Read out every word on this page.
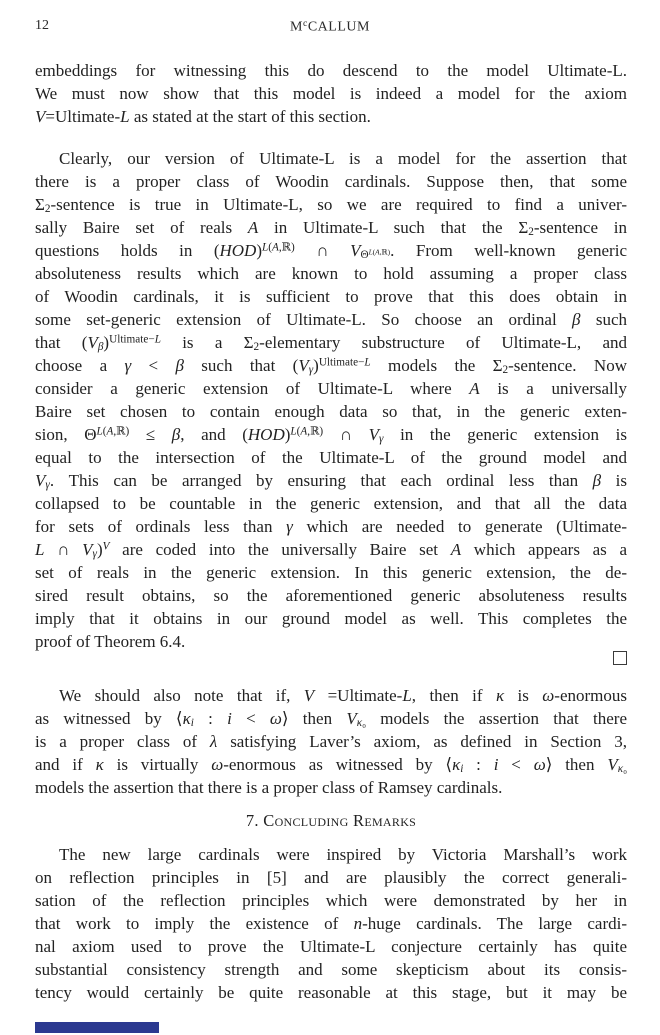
12	$M^cCALLUM$
embeddings for witnessing this do descend to the model Ultimate-L.
We must now show that this model is indeed a model for the axiom
V=Ultimate-L as stated at the start of this section.
Clearly, our version of Ultimate-L is a model for the assertion that
there is a proper class of Woodin cardinals. Suppose then, that some
$\Sigma_2$-sentence is true in Ultimate-L, so we are required to find a univer-
sally Baire set of reals A in Ultimate-L such that the $\Sigma_2$-sentence in
questions holds in (HOD)$^{L(A,ℝ)}$ ∩ $V_{\Theta^{L(A,ℝ)}}$. From well-known generic
absoluteness results which are known to hold assuming a proper class
of Woodin cardinals, it is sufficient to prove that this does obtain in
some set-generic extension of Ultimate-L. So choose an ordinal β such
that $(V_\beta)^{Ultimate-L}$ is a $\Sigma_2$-elementary substructure of Ultimate-L, and
choose a γ < β such that $(V_\gamma)^{Ultimate-L}$ models the $\Sigma_2$-sentence. Now
consider a generic extension of Ultimate-L where A is a universally
Baire set chosen to contain enough data so that, in the generic exten-
sion, $\Theta^{L(A,ℝ)} \le \beta$, and (HOD)$^{L(A,ℝ)}$ ∩ $V_\gamma$ in the generic extension is
equal to the intersection of the Ultimate-L of the ground model and
$V_\gamma$. This can be arranged by ensuring that each ordinal less than β is
collapsed to be countable in the generic extension, and that all the data
for sets of ordinals less than γ which are needed to generate (Ultimate-
L ∩ $V_\gamma)^V$ are coded into the universally Baire set A which appears as a
set of reals in the generic extension. In this generic extension, the de-
sired result obtains, so the aforementioned generic absoluteness results
imply that it obtains in our ground model as well. This completes the
proof of Theorem 6.4.
We should also note that if, V =Ultimate-L, then if κ is ω-enormous
as witnessed by $⟨\kappa_i$ : i < ω⟩ then $V_{\kappa_0}$ models the assertion that there
is a proper class of λ satisfying Laver’s axiom, as defined in Section 3,
and if κ is virtually ω-enormous as witnessed by $⟨\kappa_i$ : i < ω⟩ then $V_{\kappa_0}$
models the assertion that there is a proper class of Ramsey cardinals.
7. Concluding Remarks
The new large cardinals were inspired by Victoria Marshall’s work
on reflection principles in [5] and are plausibly the correct generali-
sation of the reflection principles which were demonstrated by her in
that work to imply the existence of n-huge cardinals. The large cardi-
nal axiom used to prove the Ultimate-L conjecture certainly has quite
substantial consistency strength and some skepticism about its consis-
tency would certainly be quite reasonable at this stage, but it may be
